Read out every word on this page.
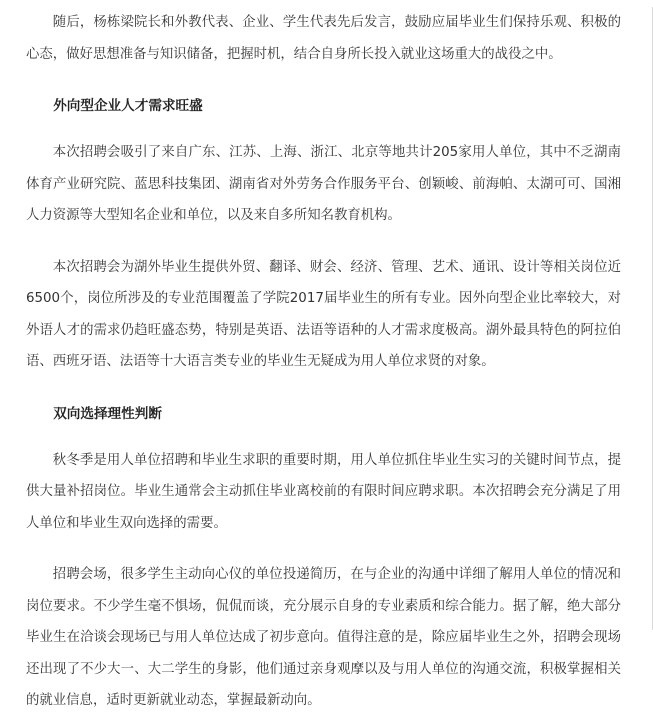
随后，杨栋梁院长和外教代表、企业、学生代表先后发言，鼓励应届毕业生们保持乐观、积极的心态，做好思想准备与知识储备，把握时机，结合自身所长投入就业这场重大的战役之中。

外向型企业人才需求旺盛

本次招聘会吸引了来自广东、江苏、上海、浙江、北京等地共计205家用人单位，其中不乏湖南体育产业研究院、蓝思科技集团、湖南省对外劳务合作服务平台、创颖峻、前海帕、太湖可可、国湘人力资源等大型知名企业和单位，以及来自多所知名教育机构。

本次招聘会为湖外毕业生提供外贸、翻译、财会、经济、管理、艺术、通讯、设计等相关岗位近6500个，岗位所涉及的专业范围覆盖了学院2017届毕业生的所有专业。因外向型企业比率较大，对外语人才的需求仍趋旺盛态势，特别是英语、法语等语种的人才需求度极高。湖外最具特色的阿拉伯语、西班牙语、法语等十大语言类专业的毕业生无疑成为用人单位求贤的对象。

双向选择理性判断

秋冬季是用人单位招聘和毕业生求职的重要时期，用人单位抓住毕业生实习的关键时间节点，提供大量补招岗位。毕业生通常会主动抓住毕业离校前的有限时间应聘求职。本次招聘会充分满足了用人单位和毕业生双向选择的需要。

招聘会场，很多学生主动向心仪的单位投递简历，在与企业的沟通中详细了解用人单位的情况和岗位要求。不少学生毫不惧场，侃侃而谈，充分展示自身的专业素质和综合能力。据了解，绝大部分毕业生在洽谈会现场已与用人单位达成了初步意向。值得注意的是，除应届毕业生之外，招聘会现场还出现了不少大一、大二学生的身影，他们通过亲身观摩以及与用人单位的沟通交流，积极掌握相关的就业信息，适时更新就业动态，掌握最新动向。
